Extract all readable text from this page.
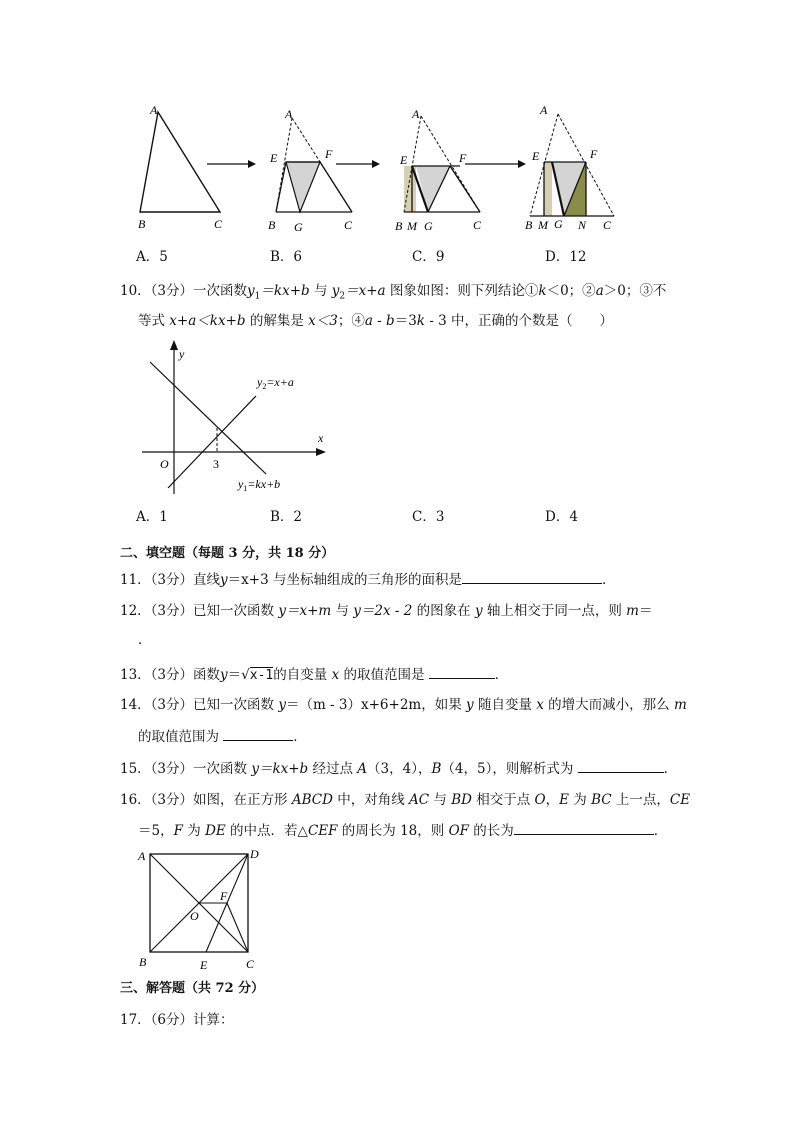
A
B	C
A
E	F
B G	C
A
E	F
B M G	C
A
E	F
B M G N C
A．5	B．6	C．9	D．12
10．（3分）一次函数$y_1=kx+b$ 与 $y_2=x+a$ 图象如图：则下列结论①k＜0；②a＞0；③不
等式 x+a＜kx+b 的解集是 x＜3；④a - b＝3k - 3 中，正确的个数是（　　）
y
x
O	3
$y_2=x+a$
$y_1=kx+b$
A．1	B．2	C．3	D．4
二、填空题（每题 3 分，共 18 分）
11．（3分）直线y＝x+3 与坐标轴组成的三角形的面积是	．
12．（3分）已知一次函数 y＝x+m 与 y＝2x - 2 的图象在 y 轴上相交于同一点，则 m＝
．
13．（3分）函数y＝√x-1的自变量 x 的取值范围是	．
14．（3分）已知一次函数 y＝（m - 3）x+6+2m，如果 y 随自变量 x 的增大而减小，那么 m
的取值范围为	．
15．（3分）一次函数 y＝kx+b 经过点 A（3，4），B（4，5），则解析式为	．
16．（3分）如图，在正方形 ABCD 中，对角线 AC 与 BD 相交于点 O，E 为 BC 上一点，CE
＝5，F 为 DE 的中点．若△CEF 的周长为 18，则 OF 的长为	．
A	D
B	C
E
F
O
三、解答题（共 72 分）
17．（6分）计算：
